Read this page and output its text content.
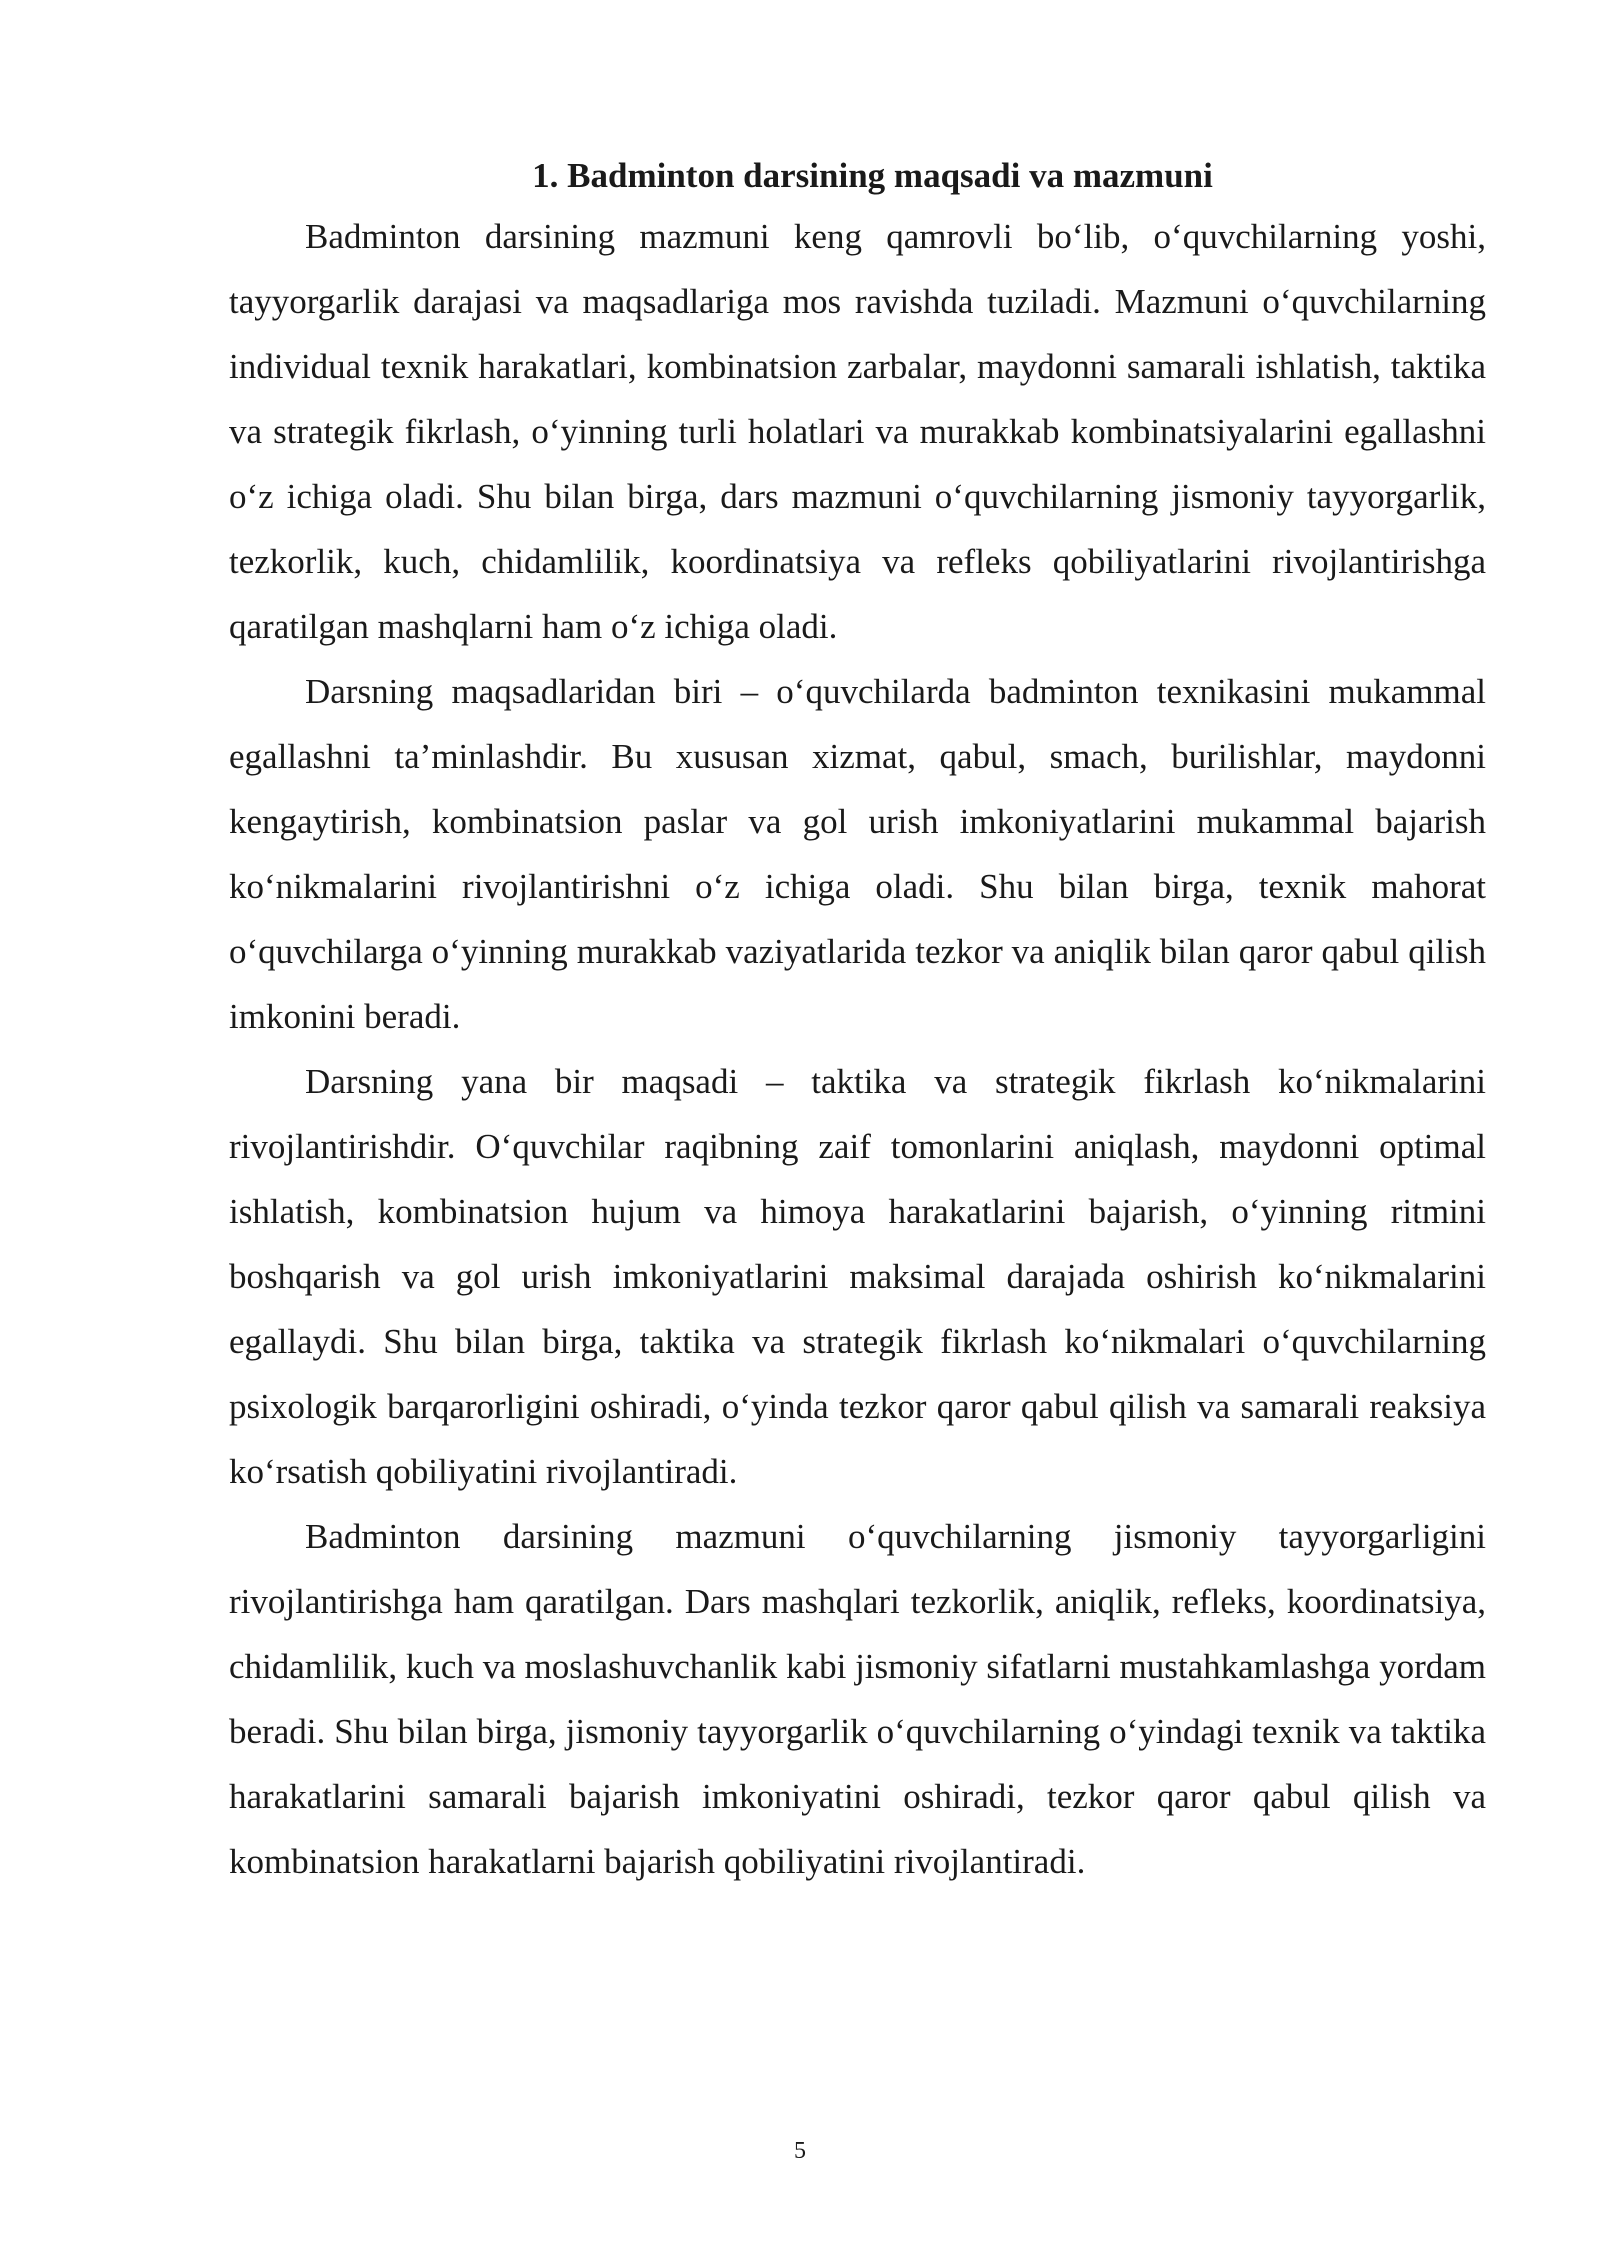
1. Badminton darsining maqsadi va mazmuni

Badminton darsining mazmuni keng qamrovli bo‘lib, o‘quvchilarning yoshi, tayyorgarlik darajasi va maqsadlariga mos ravishda tuziladi. Mazmuni o‘quvchilarning individual texnik harakatlari, kombinatsion zarbalar, maydonni samarali ishlatish, taktika va strategik fikrlash, o‘yinning turli holatlari va murakkab kombinatsiyalarini egallashni o‘z ichiga oladi. Shu bilan birga, dars mazmuni o‘quvchilarning jismoniy tayyorgarlik, tezkorlik, kuch, chidamlilik, koordinatsiya va refleks qobiliyatlarini rivojlantirishga qaratilgan mashqlarni ham o‘z ichiga oladi.

Darsning maqsadlaridan biri – o‘quvchilarda badminton texnikasini mukammal egallashni ta’minlashdir. Bu xususan xizmat, qabul, smach, burilishlar, maydonni kengaytirish, kombinatsion paslar va gol urish imkoniyatlarini mukammal bajarish ko‘nikmalarini rivojlantirishni o‘z ichiga oladi. Shu bilan birga, texnik mahorat o‘quvchilarga o‘yinning murakkab vaziyatlarida tezkor va aniqlik bilan qaror qabul qilish imkonini beradi.

Darsning yana bir maqsadi – taktika va strategik fikrlash ko‘nikmalarini rivojlantirishdir. O‘quvchilar raqibning zaif tomonlarini aniqlash, maydonni optimal ishlatish, kombinatsion hujum va himoya harakatlarini bajarish, o‘yinning ritmini boshqarish va gol urish imkoniyatlarini maksimal darajada oshirish ko‘nikmalarini egallaydi. Shu bilan birga, taktika va strategik fikrlash ko‘nikmalari o‘quvchilarning psixologik barqarorligini oshiradi, o‘yinda tezkor qaror qabul qilish va samarali reaksiya ko‘rsatish qobiliyatini rivojlantiradi.

Badminton darsining mazmuni o‘quvchilarning jismoniy tayyorgarligini rivojlantirishga ham qaratilgan. Dars mashqlari tezkorlik, aniqlik, refleks, koordinatsiya, chidamlilik, kuch va moslashuvchanlik kabi jismoniy sifatlarni mustahkamlashga yordam beradi. Shu bilan birga, jismoniy tayyorgarlik o‘quvchilarning o‘yindagi texnik va taktika harakatlarini samarali bajarish imkoniyatini oshiradi, tezkor qaror qabul qilish va kombinatsion harakatlarni bajarish qobiliyatini rivojlantiradi.

5
